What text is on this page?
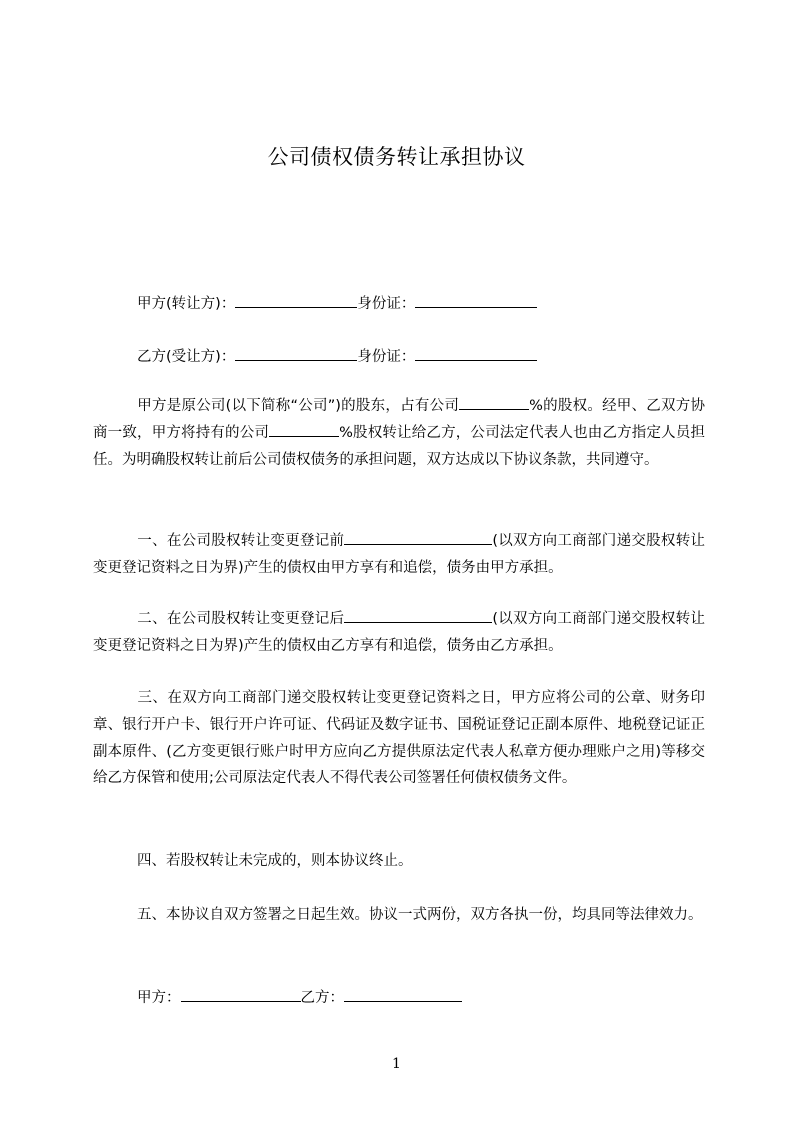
公司债权债务转让承担协议
甲方(转让方)：	身份证：
乙方(受让方)：	身份证：
甲方是原公司(以下简称“公司”)的股东，占有公司	%的股权。经甲、乙双方协商一致，甲方将持有的公司	%股权转让给乙方，公司法定代表人也由乙方指定人员担任。为明确股权转让前后公司债权债务的承担问题，双方达成以下协议条款，共同遵守。
一、在公司股权转让变更登记前	(以双方向工商部门递交股权转让变更登记资料之日为界)产生的债权由甲方享有和追偿，债务由甲方承担。
二、在公司股权转让变更登记后	(以双方向工商部门递交股权转让变更登记资料之日为界)产生的债权由乙方享有和追偿，债务由乙方承担。
三、在双方向工商部门递交股权转让变更登记资料之日，甲方应将公司的公章、财务印章、银行开户卡、银行开户许可证、代码证及数字证书、国税证登记正副本原件、地税登记证正副本原件、(乙方变更银行账户时甲方应向乙方提供原法定代表人私章方便办理账户之用)等移交给乙方保管和使用;公司原法定代表人不得代表公司签署任何债权债务文件。
四、若股权转让未完成的，则本协议终止。
五、本协议自双方签署之日起生效。协议一式两份，双方各执一份，均具同等法律效力。
甲方：	乙方：
1
